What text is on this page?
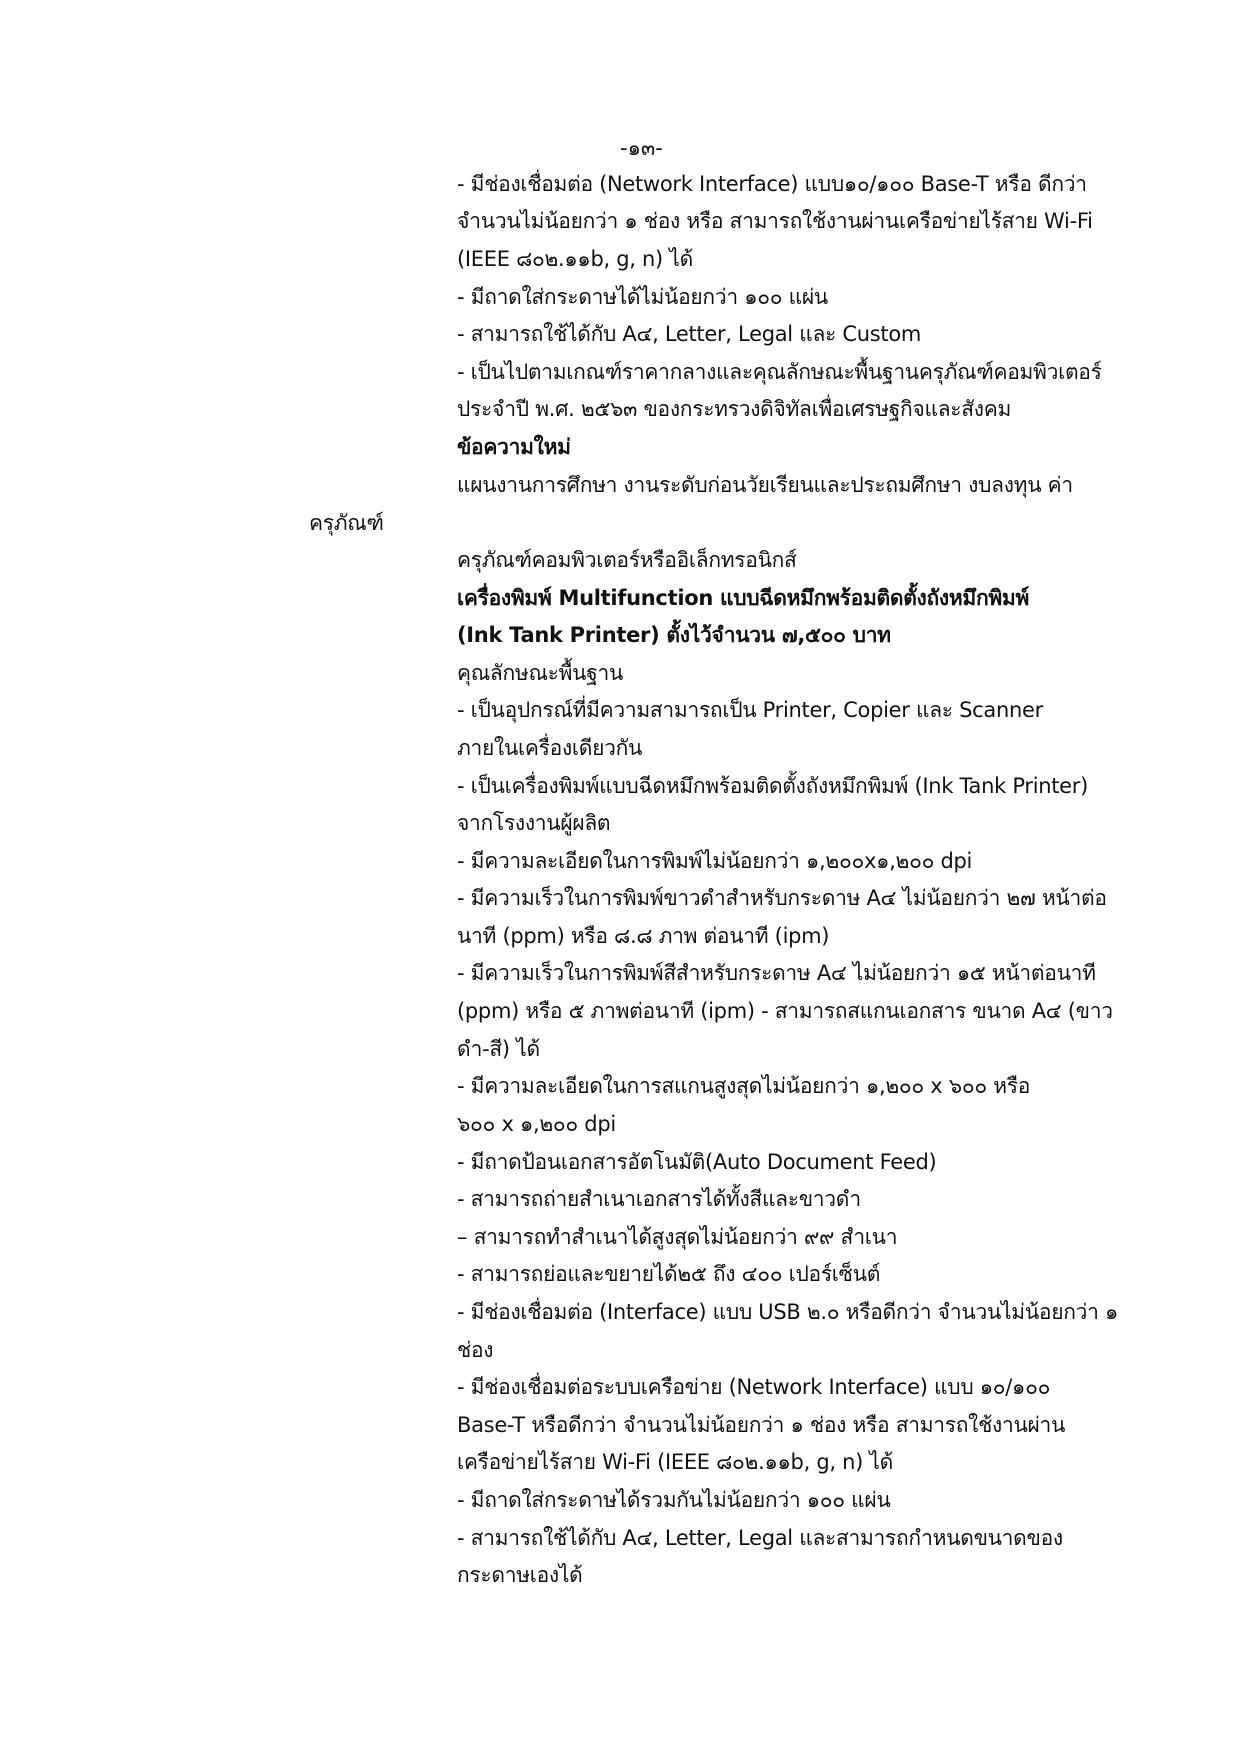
-๑๓-
- มีช่องเชื่อมต่อ (Network Interface) แบบ๑๐/๑๐๐ Base-T หรือ ดีกว่า
จำนวนไม่น้อยกว่า ๑ ช่อง หรือ สามารถใช้งานผ่านเครือข่ายไร้สาย Wi-Fi
(IEEE ๘๐๒.๑๑b, g, n) ได้
- มีถาดใส่กระดาษได้ไม่น้อยกว่า ๑๐๐ แผ่น
- สามารถใช้ได้กับ A๔, Letter, Legal และ Custom
- เป็นไปตามเกณฑ์ราคากลางและคุณลักษณะพื้นฐานครุภัณฑ์คอมพิวเตอร์
ประจำปี พ.ศ. ๒๕๖๓ ของกระทรวงดิจิทัลเพื่อเศรษฐกิจและสังคม
ข้อความใหม่
แผนงานการศึกษา งานระดับก่อนวัยเรียนและประถมศึกษา งบลงทุน ค่า
ครุภัณฑ์
ครุภัณฑ์คอมพิวเตอร์หรืออิเล็กทรอนิกส์
เครื่องพิมพ์ Multifunction แบบฉีดหมึกพร้อมติดตั้งถังหมึกพิมพ์
(Ink Tank Printer) ตั้งไว้จำนวน ๗,๕๐๐ บาท
คุณลักษณะพื้นฐาน
- เป็นอุปกรณ์ที่มีความสามารถเป็น Printer, Copier และ Scanner
ภายในเครื่องเดียวกัน
- เป็นเครื่องพิมพ์แบบฉีดหมึกพร้อมติดตั้งถังหมึกพิมพ์ (Ink Tank Printer)
จากโรงงานผู้ผลิต
- มีความละเอียดในการพิมพ์ไม่น้อยกว่า ๑,๒๐๐x๑,๒๐๐ dpi
- มีความเร็วในการพิมพ์ขาวดำสำหรับกระดาษ A๔ ไม่น้อยกว่า ๒๗ หน้าต่อ
นาที (ppm) หรือ ๘.๘ ภาพ ต่อนาที (ipm)
- มีความเร็วในการพิมพ์สีสำหรับกระดาษ A๔ ไม่น้อยกว่า ๑๕ หน้าต่อนาที
(ppm) หรือ ๕ ภาพต่อนาที (ipm) - สามารถสแกนเอกสาร ขนาด A๔ (ขาว
ดำ-สี) ได้
- มีความละเอียดในการสแกนสูงสุดไม่น้อยกว่า ๑,๒๐๐ x ๖๐๐ หรือ
๖๐๐ x ๑,๒๐๐ dpi
- มีถาดป้อนเอกสารอัตโนมัติ(Auto Document Feed)
- สามารถถ่ายสำเนาเอกสารได้ทั้งสีและขาวดำ
– สามารถทำสำเนาได้สูงสุดไม่น้อยกว่า ๙๙ สำเนา
- สามารถย่อและขยายได้๒๕ ถึง ๔๐๐ เปอร์เซ็นต์
- มีช่องเชื่อมต่อ (Interface) แบบ USB ๒.๐ หรือดีกว่า จำนวนไม่น้อยกว่า ๑
ช่อง
- มีช่องเชื่อมต่อระบบเครือข่าย (Network Interface) แบบ ๑๐/๑๐๐
Base-T หรือดีกว่า จำนวนไม่น้อยกว่า ๑ ช่อง หรือ สามารถใช้งานผ่าน
เครือข่ายไร้สาย Wi-Fi (IEEE ๘๐๒.๑๑b, g, n) ได้
- มีถาดใส่กระดาษได้รวมกันไม่น้อยกว่า ๑๐๐ แผ่น
- สามารถใช้ได้กับ A๔, Letter, Legal และสามารถกำหนดขนาดของ
กระดาษเองได้
